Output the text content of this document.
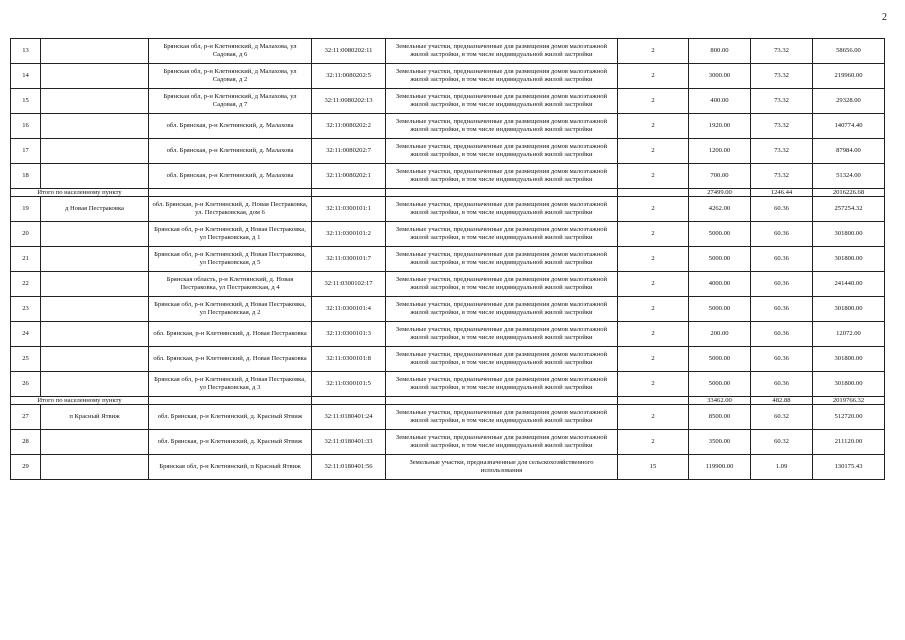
2
13		Брянская обл, р-н Клетнянский, д Малахова, ул Садовая, д 6	32:11:0080202:11	Земельные участки, предназначенные для размещения домов малоэтажной жилой застройки, в том числе индивидуальной жилой застройки	2	800.00	73.32	58656.00
14		Брянская обл, р-н Клетнянский, д Малахова, ул Садовая, д 2	32:11:0080202:5	Земельные участки, предназначенные для размещения домов малоэтажной жилой застройки, в том числе индивидуальной жилой застройки	2	3000.00	73.32	219960.00
15		Брянская обл, р-н Клетнянский, д Малахова, ул Садовая, д 7	32:11:0080202:13	Земельные участки, предназначенные для размещения домов малоэтажной жилой застройки, в том числе индивидуальной жилой застройки	2	400.00	73.32	29328.00
16		обл. Брянская, р-н Клетнянский, д. Малахова	32:11:0080202:2	Земельные участки, предназначенные для размещения домов малоэтажной жилой застройки, в том числе индивидуальной жилой застройки	2	1920.00	73.32	140774.40
17		обл. Брянская, р-н Клетнянский, д. Малахова	32:11:0080202:7	Земельные участки, предназначенные для размещения домов малоэтажной жилой застройки, в том числе индивидуальной жилой застройки	2	1200.00	73.32	87984.00
18		обл. Брянская, р-н Клетнянский, д. Малахова	32:11:0080202:1	Земельные участки, предназначенные для размещения домов малоэтажной жилой застройки, в том числе индивидуальной жилой застройки	2	700.00	73.32	51324.00
Итого по населенному пункту						27499.00	1246.44	2016226.68
19	д Новая Пестраковка	обл. Брянская, р-н Клетнянский, д. Новая Пестраковка, ул. Пестраковская, дом 6	32:11:0300101:1	Земельные участки, предназначенные для размещения домов малоэтажной жилой застройки, в том числе индивидуальной жилой застройки	2	4262.00	60.36	257254.32
20		Брянская обл, р-н Клетнянский, д Новая Пестраковка, ул Пестраковская, д 1	32:11:0300101:2	Земельные участки, предназначенные для размещения домов малоэтажной жилой застройки, в том числе индивидуальной жилой застройки	2	5000.00	60.36	301800.00
21		Брянская обл, р-н Клетнянский, д Новая Пестраковка, ул Пестраковская, д 5	32:11:0300101:7	Земельные участки, предназначенные для размещения домов малоэтажной жилой застройки, в том числе индивидуальной жилой застройки	2	5000.00	60.36	301800.00
22		Брянская область, р-н Клетнянский, д. Новая Пестраковка, ул Пестраковская, д 4	32:11:0300102:17	Земельные участки, предназначенные для размещения домов малоэтажной жилой застройки, в том числе индивидуальной жилой застройки	2	4000.00	60.36	241440.00
23		Брянская обл, р-н Клетнянский, д Новая Пестраковка, ул Пестраковская, д 2	32:11:0300101:4	Земельные участки, предназначенные для размещения домов малоэтажной жилой застройки, в том числе индивидуальной жилой застройки	2	5000.00	60.36	301800.00
24		обл. Брянская, р-н Клетнянский, д. Новая Пестраковка	32:11:0300101:3	Земельные участки, предназначенные для размещения домов малоэтажной жилой застройки, в том числе индивидуальной жилой застройки	2	200.00	60.36	12072.00
25		обл. Брянская, р-н Клетнянский, д. Новая Пестраковка	32:11:0300101:8	Земельные участки, предназначенные для размещения домов малоэтажной жилой застройки, в том числе индивидуальной жилой застройки	2	5000.00	60.36	301800.00
26		Брянская обл, р-н Клетнянский, д Новая Пестраковка, ул Пестраковская, д 3	32:11:0300101:5	Земельные участки, предназначенные для размещения домов малоэтажной жилой застройки, в том числе индивидуальной жилой застройки	2	5000.00	60.36	301800.00
Итого по населенному пункту						33462.00	482.88	2019766.32
27	п Красный Ятвиж	обл. Брянская, р-н Клетнянский, д. Красный Ятвиж	32:11:0180401:24	Земельные участки, предназначенные для размещения домов малоэтажной жилой застройки, в том числе индивидуальной жилой застройки	2	8500.00	60.32	512720.00
28		обл. Брянская, р-н Клетнянский, д. Красный Ятвиж	32:11:0180401:33	Земельные участки, предназначенные для размещения домов малоэтажной жилой застройки, в том числе индивидуальной жилой застройки	2	3500.00	60.32	211120.00
29		Брянская обл, р-н Клетнянский, п Красный Ятвиж	32:11:0180401:56	Земельные участки, предназначенные для сельскохозяйственного использования	15	119900.00	1.09	130175.43
